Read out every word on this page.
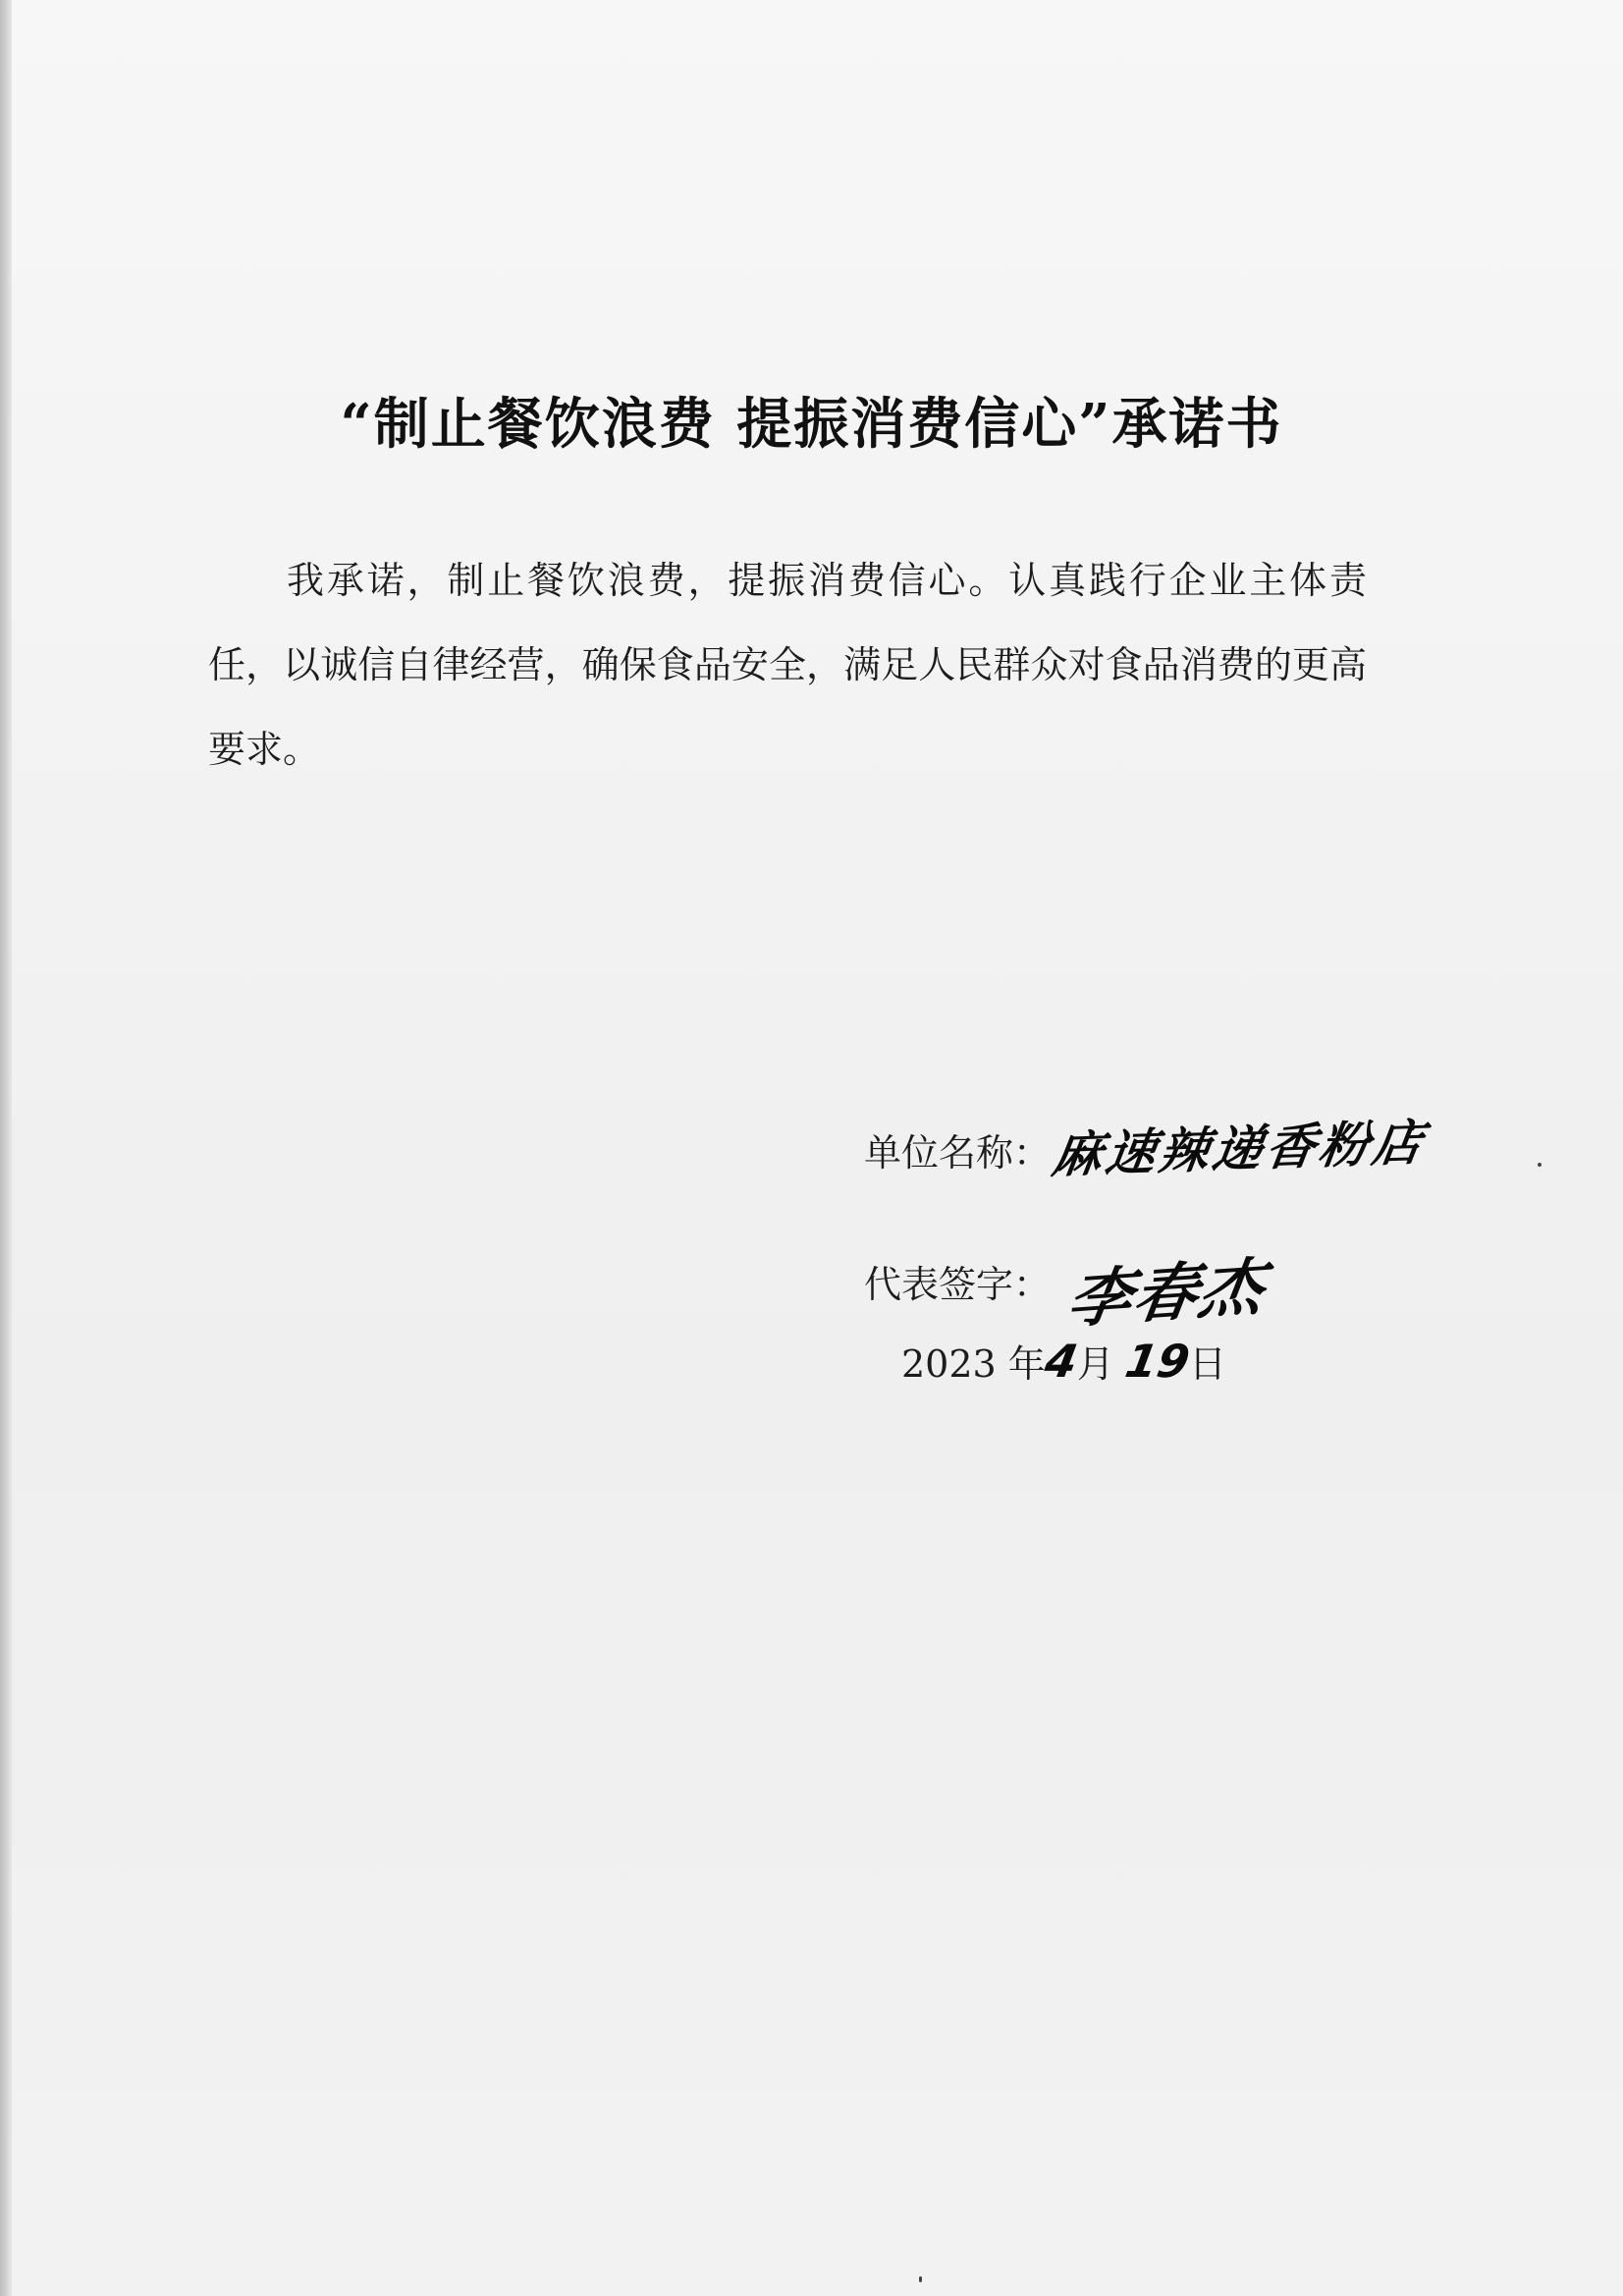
“制止餐饮浪费 提振消费信心”承诺书
我承诺，制止餐饮浪费，提振消费信心。认真践行企业主体责任，以诚信自律经营，确保食品安全，满足人民群众对食品消费的更高要求。
单位名称：麻速辣递香粉店
代表签字： 李春杰
2023 年4月 19日
